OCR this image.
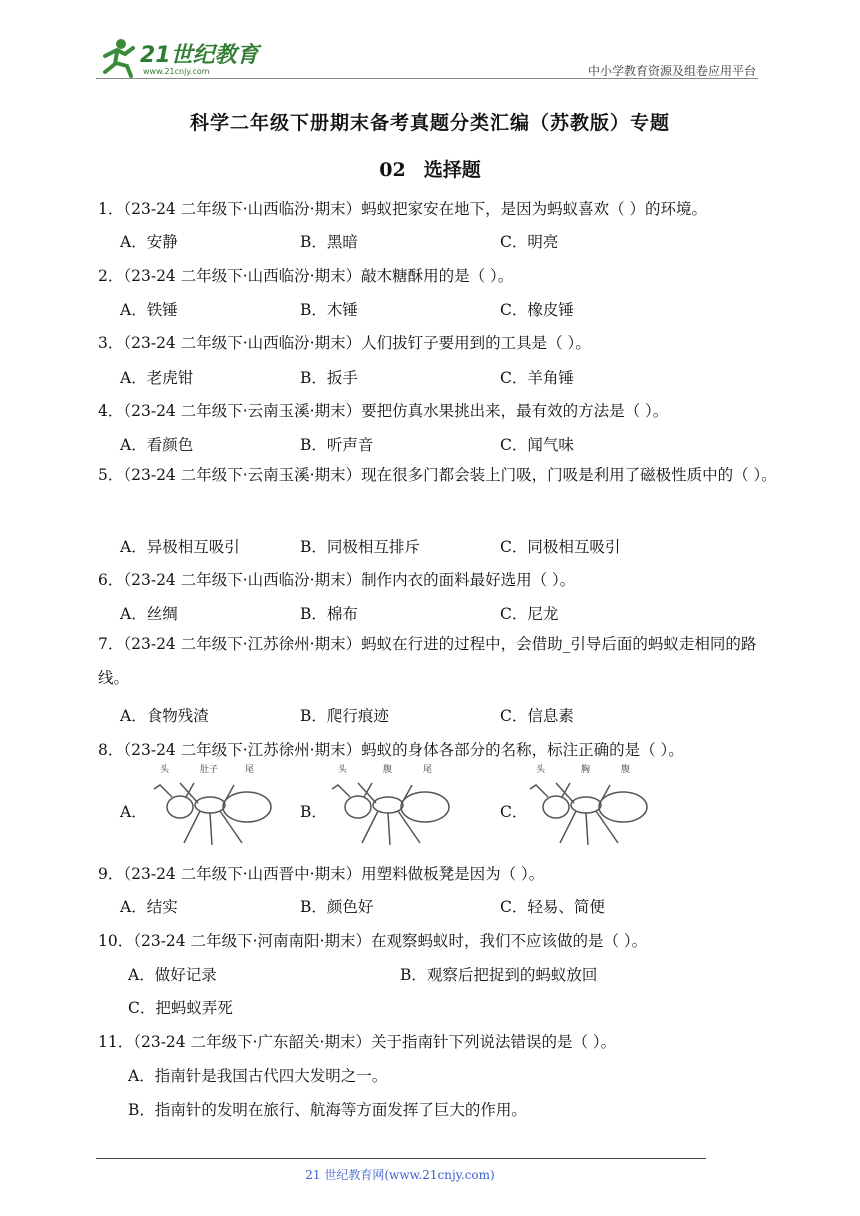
21世纪教育
www.21cnjy.com	中小学教育资源及组卷应用平台
科学二年级下册期末备考真题分类汇编（苏教版）专题
02 选择题
1．（23-24 二年级下·山西临汾·期末）蚂蚁把家安在地下，是因为蚂蚁喜欢（ ）的环境。
A．安静	B．黑暗	C．明亮
2．（23-24 二年级下·山西临汾·期末）敲木糖酥用的是（ ）。
A．铁锤	B．木锤	C．橡皮锤
3．（23-24 二年级下·山西临汾·期末）人们拔钉子要用到的工具是（ ）。
A．老虎钳	B．扳手	C．羊角锤
4．（23-24 二年级下·云南玉溪·期末）要把仿真水果挑出来，最有效的方法是（ ）。
A．看颜色	B．听声音	C．闻气味
5．（23-24 二年级下·云南玉溪·期末）现在很多门都会装上门吸，门吸是利用了磁极性质中的（ ）。
A．异极相互吸引	B．同极相互排斥	C．同极相互吸引
6．（23-24 二年级下·山西临汾·期末）制作内衣的面料最好选用（ ）。
A．丝绸	B．棉布	C．尼龙
7．（23-24 二年级下·江苏徐州·期末）蚂蚁在行进的过程中，会借助_引导后面的蚂蚁走相同的路线。
A．食物残渣	B．爬行痕迹	C．信息素
8．（23-24 二年级下·江苏徐州·期末）蚂蚁的身体各部分的名称，标注正确的是（ ）。
A．	B．	C．
头	肚子	尾	头	腹	尾	头	胸	腹
9．（23-24 二年级下·山西晋中·期末）用塑料做板凳是因为（ ）。
A．结实	B．颜色好	C．轻易、简便
10．（23-24 二年级下·河南南阳·期末）在观察蚂蚁时，我们不应该做的是（ ）。
A．做好记录	B．观察后把捉到的蚂蚁放回
C．把蚂蚁弄死
11．（23-24 二年级下·广东韶关·期末）关于指南针下列说法错误的是（ ）。
A．指南针是我国古代四大发明之一。
B．指南针的发明在旅行、航海等方面发挥了巨大的作用。
21 世纪教育网(www.21cnjy.com)
